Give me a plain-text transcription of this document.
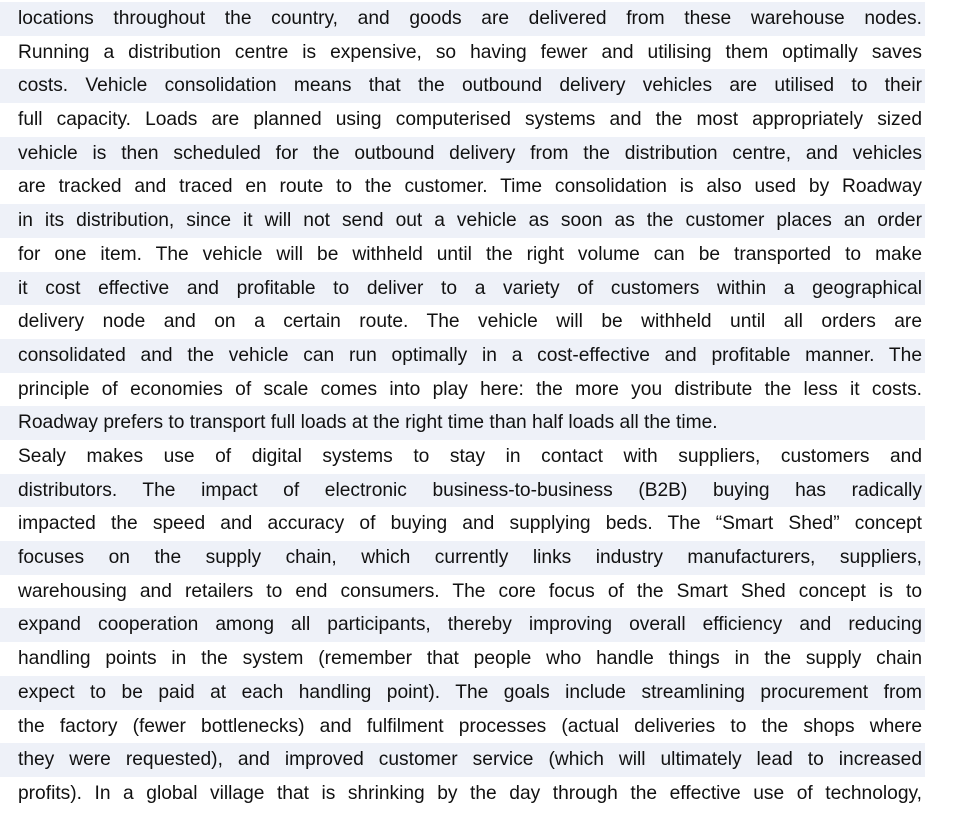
locations throughout the country, and goods are delivered from these warehouse nodes.
Running a distribution centre is expensive, so having fewer and utilising them optimally saves
costs. Vehicle consolidation means that the outbound delivery vehicles are utilised to their
full capacity. Loads are planned using computerised systems and the most appropriately sized
vehicle is then scheduled for the outbound delivery from the distribution centre, and vehicles
are tracked and traced en route to the customer. Time consolidation is also used by Roadway
in its distribution, since it will not send out a vehicle as soon as the customer places an order
for one item. The vehicle will be withheld until the right volume can be transported to make
it cost effective and profitable to deliver to a variety of customers within a geographical
delivery node and on a certain route. The vehicle will be withheld until all orders are
consolidated and the vehicle can run optimally in a cost-effective and profitable manner. The
principle of economies of scale comes into play here: the more you distribute the less it costs.
Roadway prefers to transport full loads at the right time than half loads all the time.
Sealy makes use of digital systems to stay in contact with suppliers, customers and
distributors. The impact of electronic business-to-business (B2B) buying has radically
impacted the speed and accuracy of buying and supplying beds. The “Smart Shed” concept
focuses on the supply chain, which currently links industry manufacturers, suppliers,
warehousing and retailers to end consumers. The core focus of the Smart Shed concept is to
expand cooperation among all participants, thereby improving overall efficiency and reducing
handling points in the system (remember that people who handle things in the supply chain
expect to be paid at each handling point). The goals include streamlining procurement from
the factory (fewer bottlenecks) and fulfilment processes (actual deliveries to the shops where
they were requested), and improved customer service (which will ultimately lead to increased
profits). In a global village that is shrinking by the day through the effective use of technology,
